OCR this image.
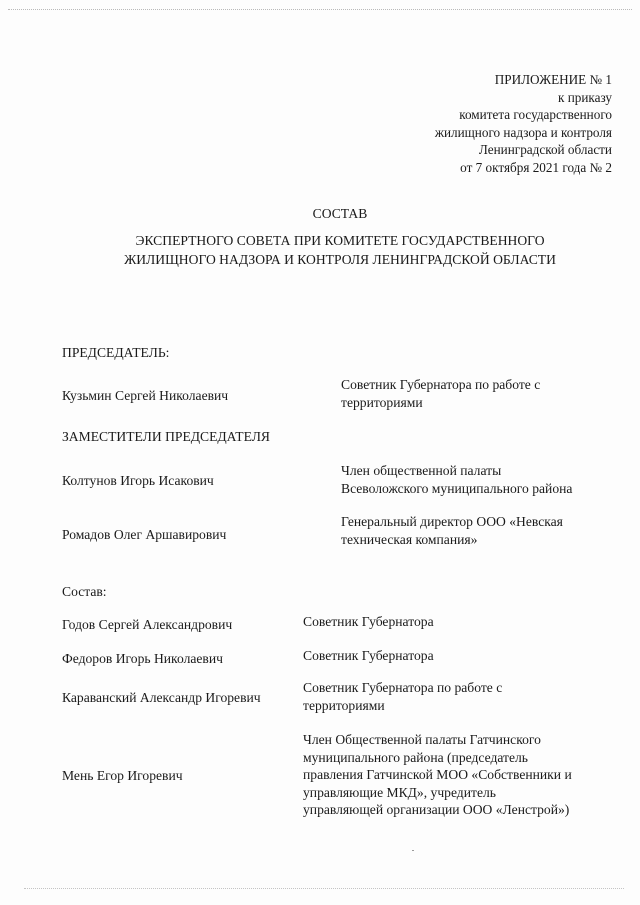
ПРИЛОЖЕНИЕ № 1
к приказу
комитета государственного
жилищного надзора и контроля
Ленинградской области
от 7 октября 2021 года № 2
СОСТАВ
ЭКСПЕРТНОГО СОВЕТА ПРИ КОМИТЕТЕ ГОСУДАРСТВЕННОГО
ЖИЛИЩНОГО НАДЗОРА И КОНТРОЛЯ ЛЕНИНГРАДСКОЙ ОБЛАСТИ
ПРЕДСЕДАТЕЛЬ:
Кузьмин Сергей Николаевич
Советник Губернатора по работе с
территориями
ЗАМЕСТИТЕЛИ ПРЕДСЕДАТЕЛЯ
Колтунов Игорь Исакович
Член общественной палаты
Всеволожского муниципального района
Ромадов Олег Аршавирович
Генеральный директор ООО «Невская
техническая компания»
Состав:
Годов Сергей Александрович	Советник Губернатора
Федоров Игорь Николаевич	Советник Губернатора
Караванский Александр Игоревич
Советник Губернатора по работе с
территориями
Мень Егор Игоревич
Член Общественной палаты Гатчинского
муниципального района (председатель
правления Гатчинской МОО «Собственники и
управляющие МКД», учредитель
управляющей организации ООО «Ленстрой»)
